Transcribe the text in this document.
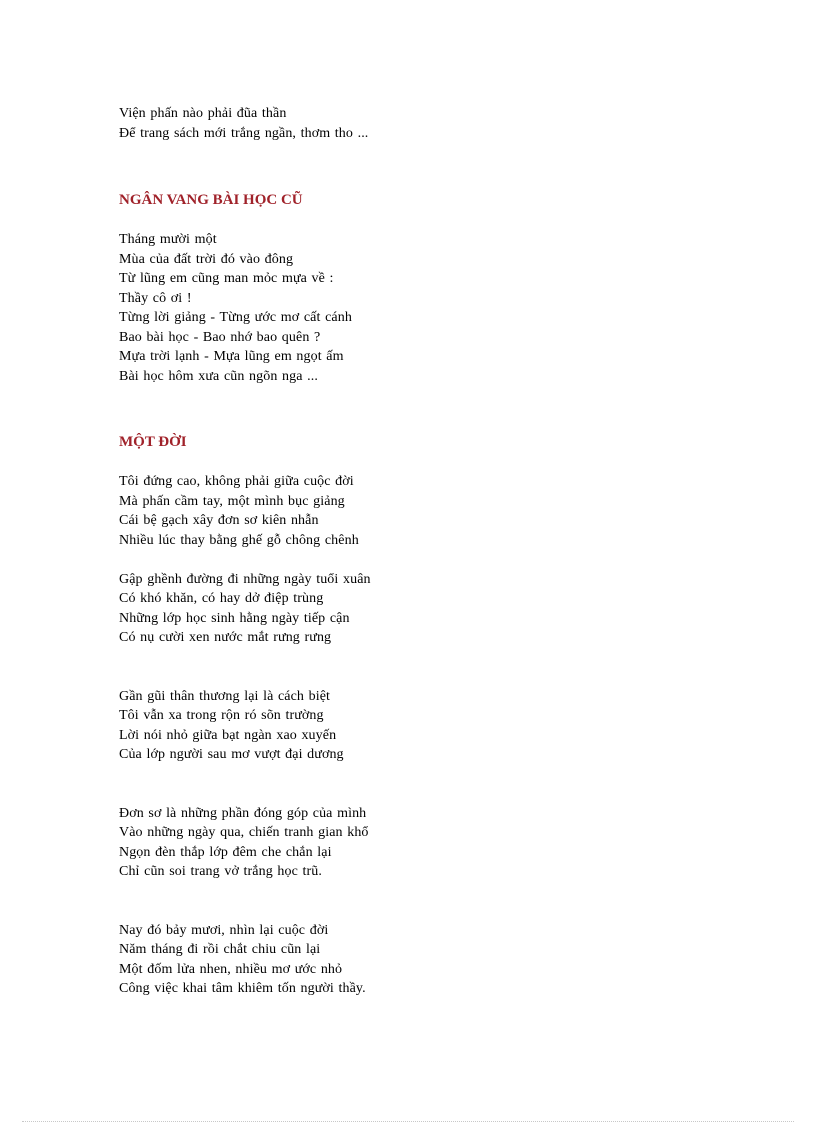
Viện phấn nào phải đũa thần
Để trang sách mới trắng ngần, thơm tho ...
NGÂN VANG BÀI HỌC CŨ
Tháng mười một
Mùa của đất trời đó vào đông
Từ lũng em cũng man mỏc mựa về :
Thầy cô ơi !
Từng lời giảng - Từng ước mơ cất cánh
Bao bài học - Bao nhớ bao quên ?
Mựa trời lạnh - Mựa lũng em ngọt ấm
Bài học hôm xưa cũn ngõn nga ...
MỘT ĐỜI
Tôi đứng cao, không phải giữa cuộc đời
Mà phấn cầm tay, một mình bục giảng
Cái bệ gạch xây đơn sơ kiên nhẫn
Nhiều lúc thay bằng ghế gỗ chông chênh
Gập ghềnh đường đi những ngày tuổi xuân
Có khó khăn, có hay dở điệp trùng
Những lớp học sinh hằng ngày tiếp cận
Có nụ cười xen nước mắt rưng rưng
Gần gũi thân thương lại là cách biệt
Tôi vẫn xa trong rộn ró sõn trường
Lời nói nhỏ giữa bạt ngàn xao xuyến
Của lớp người sau mơ vượt đại dương
Đơn sơ là những phần đóng góp của mình
Vào những ngày qua, chiến tranh gian khổ
Ngọn đèn thắp lớp đêm che chắn lại
Chỉ cũn soi trang vở trắng học trũ.
Nay đó bảy mươi, nhìn lại cuộc đời
Năm tháng đi rồi chắt chiu cũn lại
Một đốm lửa nhen, nhiều mơ ước nhỏ
Công việc khai tâm khiêm tốn người thầy.
